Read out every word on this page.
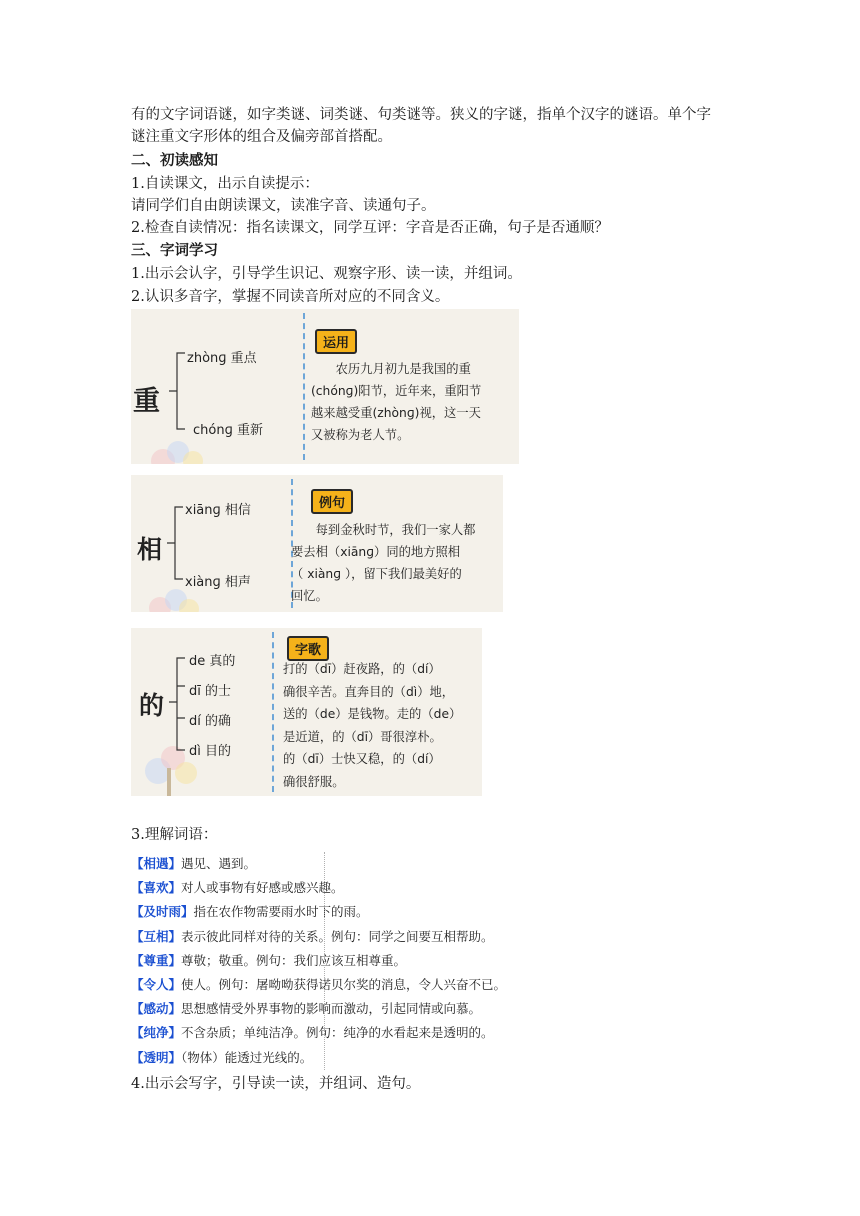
有的文字词语谜，如字类谜、词类谜、句类谜等。狭义的字谜，指单个汉字的谜语。单个字
谜注重文字形体的组合及偏旁部首搭配。
二、初读感知
1.自读课文，出示自读提示：
请同学们自由朗读课文，读准字音、读通句子。
2.检查自读情况：指名读课文，同学互评：字音是否正确，句子是否通顺？
三、字词学习
1.出示会认字，引导学生识记、观察字形、读一读，并组词。
2.认识多音字，掌握不同读音所对应的不同含义。
重
zhònɡ 重点
chónɡ 重新
运用
　　农历九月初九是我国的重
(chónɡ)阳节，近年来，重阳节
越来越受重(zhònɡ)视，这一天
又被称为老人节。
相
xiānɡ 相信
xiànɡ 相声
例句
　　每到金秋时节，我们一家人都
要去相（xiānɡ）同的地方照相
（ xiànɡ ），留下我们最美好的
回忆。
的
de 真的
dī 的士
dí 的确
dì 目的
字歌
打的（dī）赶夜路，的（dí）
确很辛苦。直奔目的（dì）地，
送的（de）是钱物。走的（de）
是近道，的（dī）哥很淳朴。
的（dī）士快又稳，的（dí）
确很舒服。
3.理解词语：
【相遇】遇见、遇到。
【喜欢】对人或事物有好感或感兴趣。
【及时雨】指在农作物需要雨水时下的雨。
【互相】表示彼此同样对待的关系。例句：同学之间要互相帮助。
【尊重】尊敬；敬重。例句：我们应该互相尊重。
【令人】使人。例句：屠呦呦获得诺贝尔奖的消息，令人兴奋不已。
【感动】思想感情受外界事物的影响而激动，引起同情或向慕。
【纯净】不含杂质；单纯洁净。例句：纯净的水看起来是透明的。
【透明】（物体）能透过光线的。
4.出示会写字，引导读一读，并组词、造句。
